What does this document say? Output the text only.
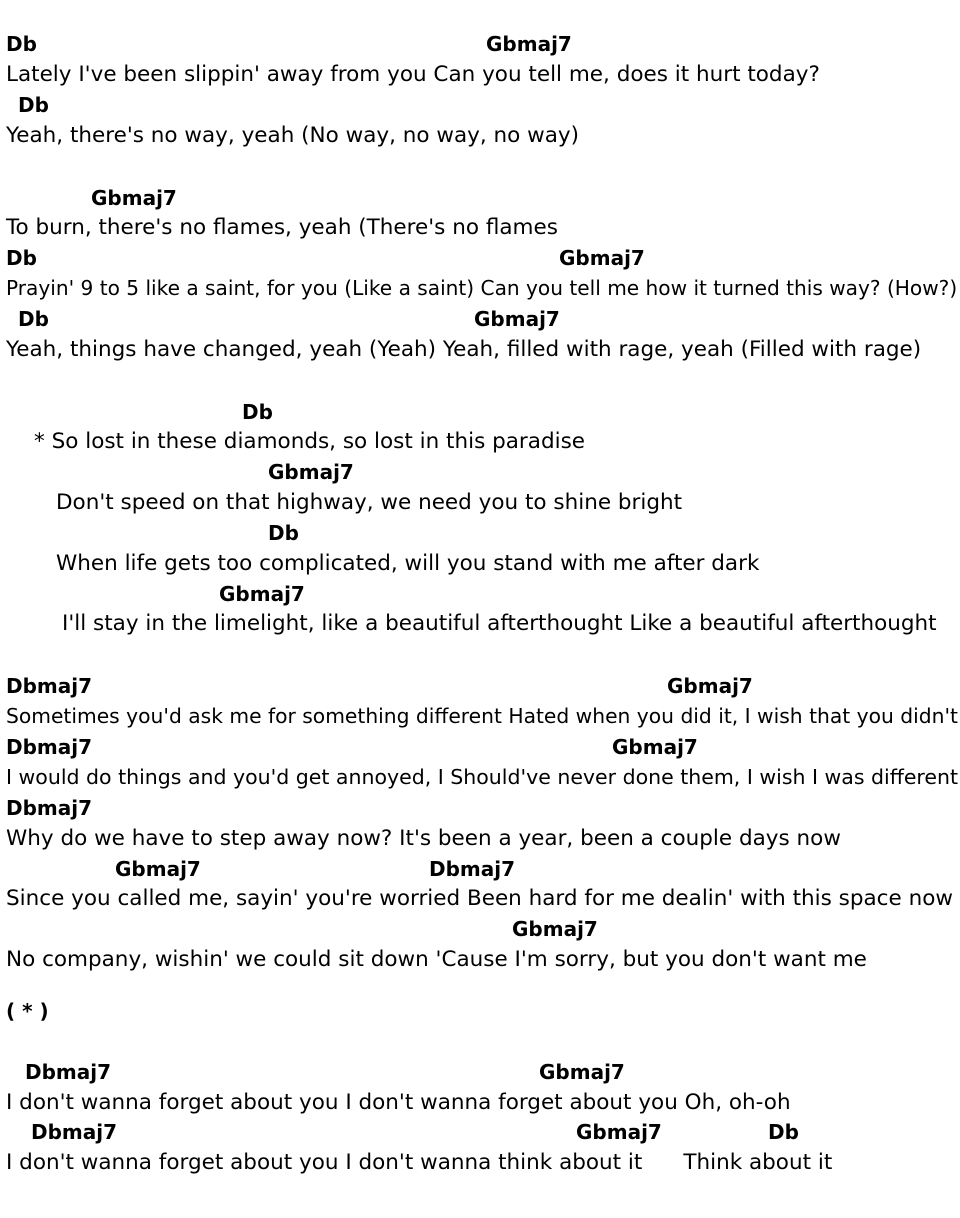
Db	Gbmaj7
Lately I've been slippin' away from you Can you tell me, does it hurt today?
Db
Yeah, there's no way, yeah (No way, no way, no way)
Gbmaj7
To burn, there's no flames, yeah (There's no flames
Db	Gbmaj7
Prayin' 9 to 5 like a saint, for you (Like a saint) Can you tell me how it turned this way? (How?)
Db	Gbmaj7
Yeah, things have changed, yeah (Yeah) Yeah, filled with rage, yeah (Filled with rage)
Db
* So lost in these diamonds, so lost in this paradise
Gbmaj7
Don't speed on that highway, we need you to shine bright
Db
When life gets too complicated, will you stand with me after dark
Gbmaj7
I'll stay in the limelight, like a beautiful afterthought Like a beautiful afterthought
Dbmaj7	Gbmaj7
Sometimes you'd ask me for something different Hated when you did it, I wish that you didn't
Dbmaj7	Gbmaj7
I would do things and you'd get annoyed, I Should've never done them, I wish I was different
Dbmaj7
Why do we have to step away now? It's been a year, been a couple days now
Gbmaj7	Dbmaj7
Since you called me, sayin' you're worried Been hard for me dealin' with this space now
Gbmaj7
No company, wishin' we could sit down 'Cause I'm sorry, but you don't want me
( * )
Dbmaj7	Gbmaj7
I don't wanna forget about you I don't wanna forget about you Oh, oh-oh
Dbmaj7	Gbmaj7	Db
I don't wanna forget about you I don't wanna think about it      Think about it
